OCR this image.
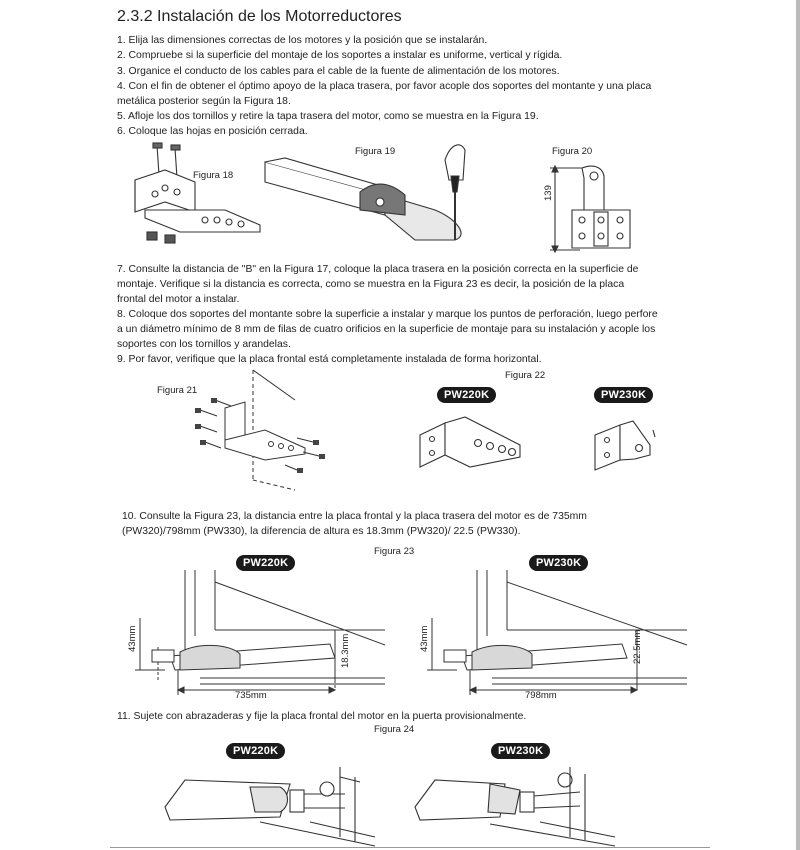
2.3.2 Instalación de los Motorreductores
1. Elija las dimensiones correctas de los motores y la posición que se instalarán.
2. Compruebe si la superficie del montaje de los soportes a instalar es uniforme, vertical y rígida.
3. Organice el conducto de los cables para el cable de la fuente de alimentación de los motores.
4. Con el fin de obtener el óptimo apoyo de la placa trasera, por favor acople dos soportes del montante y una placa
metálica posterior según la Figura 18.
5. Afloje los dos tornillos y retire la tapa trasera del motor, como se muestra en la Figura 19.
6. Coloque las hojas en posición cerrada.
Figura 18
Figura 19	Figura 20
139
7. Consulte la distancia de "B" en la Figura 17, coloque la placa trasera en la posición correcta en la superficie de
montaje. Verifique si la distancia es correcta, como se muestra en la Figura 23 es decir, la posición de la placa
frontal del motor a instalar.
8. Coloque dos soportes del montante sobre la superficie a instalar y marque los puntos de perforación, luego perfore
a un diámetro mínimo de 8 mm de filas de cuatro orificios en la superficie de montaje para su instalación y acople los
soportes con los tornillos y arandelas.
9. Por favor, verifique que la placa frontal está completamente instalada de forma horizontal.
Figura 21
Figura 22
PW220K	PW230K
10. Consulte la Figura 23, la distancia entre la placa frontal y la placa trasera del motor es de 735mm
(PW320)/798mm (PW330), la diferencia de altura es 18.3mm (PW320)/ 22.5 (PW330).
Figura 23
PW220K	PW230K
43mm	18.3mm
735mm
43mm	22.5mm
798mm
11. Sujete con abrazaderas y fije la placa frontal del motor en la puerta provisionalmente.
Figura 24
PW220K	PW230K
